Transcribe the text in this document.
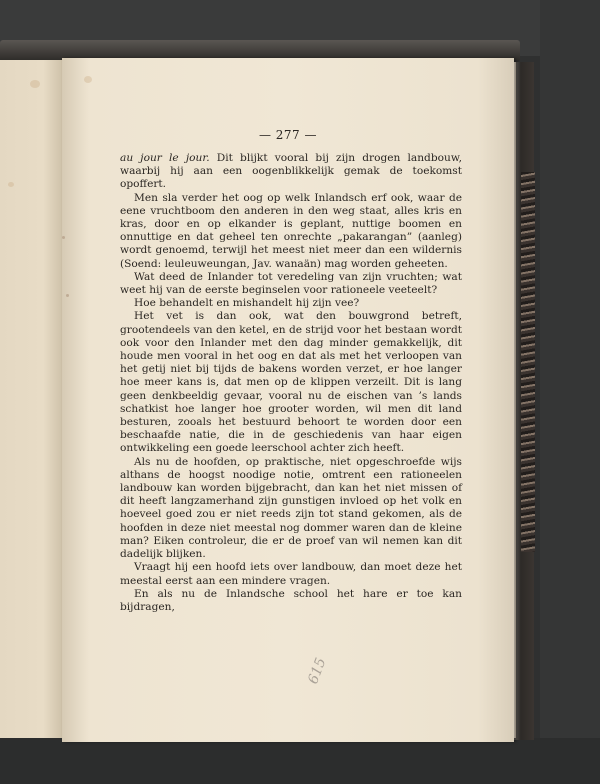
— 277 —

au jour le jour. Dit blijkt vooral bij zijn drogen landbouw, waarbij hij aan een oogenblikkelijk gemak de toekomst opoffert.

Men sla verder het oog op welk Inlandsch erf ook, waar de eene vruchtboom den anderen in den weg staat, alles kris en kras, door en op elkander is geplant, nuttige boomen en onnuttige en dat geheel ten onrechte „pakarangan” (aanleg) wordt genoemd, terwijl het meest niet meer dan een wildernis (Soend: leuleuweungan, Jav. wanaän) mag worden geheeten.

Wat deed de Inlander tot veredeling van zijn vruchten; wat weet hij van de eerste beginselen voor rationeele veeteelt?

Hoe behandelt en mishandelt hij zijn vee?

Het vet is dan ook, wat den bouwgrond betreft, grootendeels van den ketel, en de strijd voor het bestaan wordt ook voor den Inlander met den dag minder gemakkelijk, dit houde men vooral in het oog en dat als met het verloopen van het getij niet bij tijds de bakens worden verzet, er hoe langer hoe meer kans is, dat men op de klippen verzeilt. Dit is lang geen denkbeeldig gevaar, vooral nu de eischen van ’s lands schatkist hoe langer hoe grooter worden, wil men dit land besturen, zooals het bestuurd behoort te worden door een beschaafde natie, die in de geschiedenis van haar eigen ontwikkeling een goede leerschool achter zich heeft.

Als nu de hoofden, op praktische, niet opgeschroefde wijs althans de hoogst noodige notie, omtrent een rationeelen landbouw kan worden bijgebracht, dan kan het niet missen of dit heeft langzamerhand zijn gunstigen invloed op het volk en hoeveel goed zou er niet reeds zijn tot stand gekomen, als de hoofden in deze niet meestal nog dommer waren dan de kleine man? Eiken controleur, die er de proef van wil nemen kan dit dadelijk blijken.

Vraagt hij een hoofd iets over landbouw, dan moet deze het meestal eerst aan een mindere vragen.

En als nu de Inlandsche school het hare er toe kan bijdragen,

615
